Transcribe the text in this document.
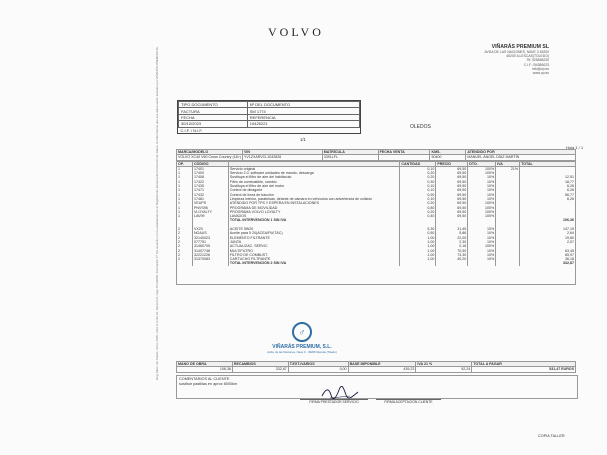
VOLVO
VIÑARÁS PREMIUM SL
AVDA DE LAS NACIONES, NAVE 3 45200
45200 ILLESCAS(TOLEDO)
Tlf: 925858230
C.I.F.: B4386023
info@vp.es
www.vp.es
Reg. Merc. de Toledo, Tomo 1635, Libro 0, Folio 34, Sección 8, Hoja TO-39045, Inscripción 1ª. De acuerdo con lo establecido en el Reglamento General de Protección de Datos, le informamos que sus datos serán tratados por VIÑARÁS PREMIUM SL.	TIPO DOCUMENTO	Nº DEL DOCUMENTO
FACTURA	SM 1774
FECHA	REFERENCIA
30/10/2023	10425221
C.I.F. / N.I.F.	
1/1
OLEDOS
Hoja 1 / 1
MARCA/MODELO	VIN	MATRÍCULA	FECHA VENTA	KMS.	ATENDIDO POR
VOLVO XC40 V60 Cross Country (18>)	YV1ZXARVCL1042826	3391LFL		50400	MANUEL ÁNGEL DÍAZ MARTÍN
OP.	CÓDIGO		CANTIDAD	PRECIO	DTO.	IVA	TOTAL
1	17401	Servicio original	0,10	69,50	100%	21%	
1	17400	Servicio 2.0, software unidades de mando, descarga	0,20	69,50	100%		
1	17408	Sustituya el filtro de aire del habitáculo	0,20	69,50	10%		12,51
1	17422	Filtro de combustible, cambio	0,30	69,50	10%		18,77
1	17435	Sustituya el filtro de aire del motor	0,10	69,50	10%		6,26
1	17471	Control de dinagorie	0,10	69,50	10%		6,26
1	17432	Control de línea de tracción	0,90	69,50	10%		56,77
1	17481	Limpieza interior, parabrisas, delante de cámara en vehículos con advertencia de colisión	0,10	69,50	10%		6,26
1	VEUPS	ATENDIDO POR TPS Y ESPERA EN INSTALACIONES	0,20	69,50	100%		
1	PNVS96	PROGRAMA DE MOVILIDAD	0,80	69,50	100%		
1	VLOYALTY	PROGRAMA VOLVO LOYALTY	0,20	69,50	100%		
1	LAV99	LAVADOS	0,40	69,50	100%		
		TOTAL INTERVENCIÓN 1 SIN IVA					106,36

2	VX20	ACEITE 5W20	5,30	31,45	10%		147,19
2	NOAUS	Aceite para 5 20(ACEA/FW,TAC)	0,50	5,86	10%		2,64
2	32140023	ELEMENTO FILTRANTE	1,00	22,00	10%		19,80
2	077751	JUNTA	1,00	2,30	10%		2,07
2	31460705	ACTUALIZAC. SERVIC	1,00	0,16	100%		
2	31407748	MULTIFILTRO	1,00	70,50	10%		63,45
2	32221226	FILTRO DE COMBUST.	1,00	73,30	10%		65,97
2	31370083	CARTUCHO FILTRANTE	1,00	40,20	10%		36,18
		TOTAL INTERVENCIÓN 2 SIN IVA					332,87

♂
VIÑARÁS PREMIUM, S.L.
Avda. de las Naciones, Nave 3 · 45200 Illescas (Toledo)
MANO DE OBRA	RECAMBIOS	T.EXT./VARIOS	BASE IMPONIBLE	IVA 21 %	TOTAL A PAGAR
106,36	332,87	0,00	439,23	92,24	531,47 EUROS
COMENTARIOS AL CLIENTE
sustituir pastillas en aprox 8000km
FIRMA PRESTADOR SERVICIO	FIRMA ACEPTACIÓN CLIENTE
COPIA TALLER
